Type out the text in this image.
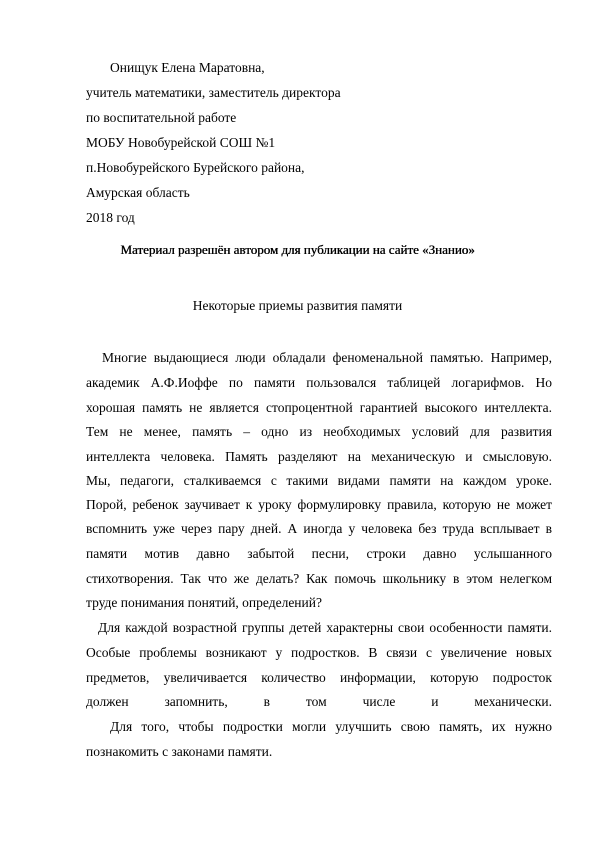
Онищук Елена Маратовна,
учитель математики, заместитель директора
по воспитательной работе
МОБУ Новобурейской СОШ №1
п.Новобурейского Бурейского района,
Амурская область
2018 год
Материал разрешён автором для публикации на сайте «Знанио»
Некоторые приемы развития памяти
Многие выдающиеся люди обладали феноменальной памятью. Например,
академик А.Ф.Иоффе по памяти пользовался таблицей логарифмов. Но
хорошая память не является стопроцентной гарантией высокого интеллекта.
Тем не менее, память – одно из необходимых условий для развития
интеллекта человека. Память разделяют на механическую и смысловую.
Мы, педагоги, сталкиваемся с такими видами памяти на каждом уроке.
Порой, ребенок заучивает к уроку формулировку правила, которую не может
вспомнить уже через пару дней. А иногда у человека без труда всплывает в
памяти мотив давно забытой песни, строки давно услышанного
стихотворения. Так что же делать? Как помочь школьнику в этом нелегком
труде понимания понятий, определений?
Для каждой возрастной группы детей характерны свои особенности памяти.
Особые проблемы возникают у подростков. В связи с увеличение новых
предметов, увеличивается количество информации, которую подросток
должен запомнить, в том числе и механически.
Для того, чтобы подростки могли улучшить свою память, их нужно
познакомить с законами памяти.
